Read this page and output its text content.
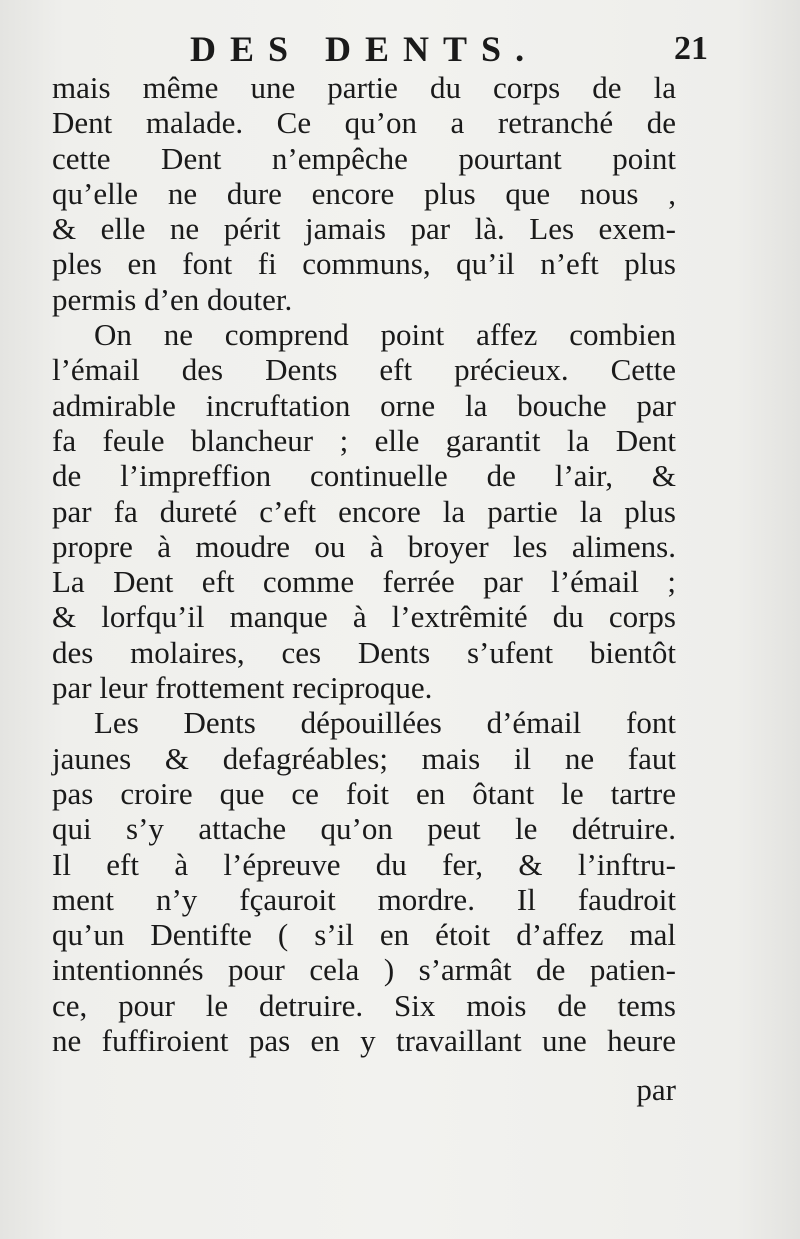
DES DENTS.	21
mais même une partie du corps de la
Dent malade. Ce qu’on a retranché de
cette Dent n’empêche pourtant point
qu’elle ne dure encore plus que nous ,
& elle ne périt jamais par là. Les exem-
ples en font fi communs, qu’il n’eft plus
permis d’en douter.
On ne comprend point affez combien
l’émail des Dents eft précieux. Cette
admirable incruftation orne la bouche par
fa feule blancheur ; elle garantit la Dent
de l’impreffion continuelle de l’air, &
par fa dureté c’eft encore la partie la plus
propre à moudre ou à broyer les alimens.
La Dent eft comme ferrée par l’émail ;
& lorfqu’il manque à l’extrêmité du corps
des molaires, ces Dents s’ufent bientôt
par leur frottement reciproque.
Les Dents dépouillées d’émail font
jaunes & defagréables; mais il ne faut
pas croire que ce foit en ôtant le tartre
qui s’y attache qu’on peut le détruire.
Il eft à l’épreuve du fer, & l’inftru-
ment n’y fçauroit mordre. Il faudroit
qu’un Dentifte ( s’il en étoit d’affez mal
intentionnés pour cela ) s’armât de patien-
ce, pour le detruire. Six mois de tems
ne fuffiroient pas en y travaillant une heure
par
